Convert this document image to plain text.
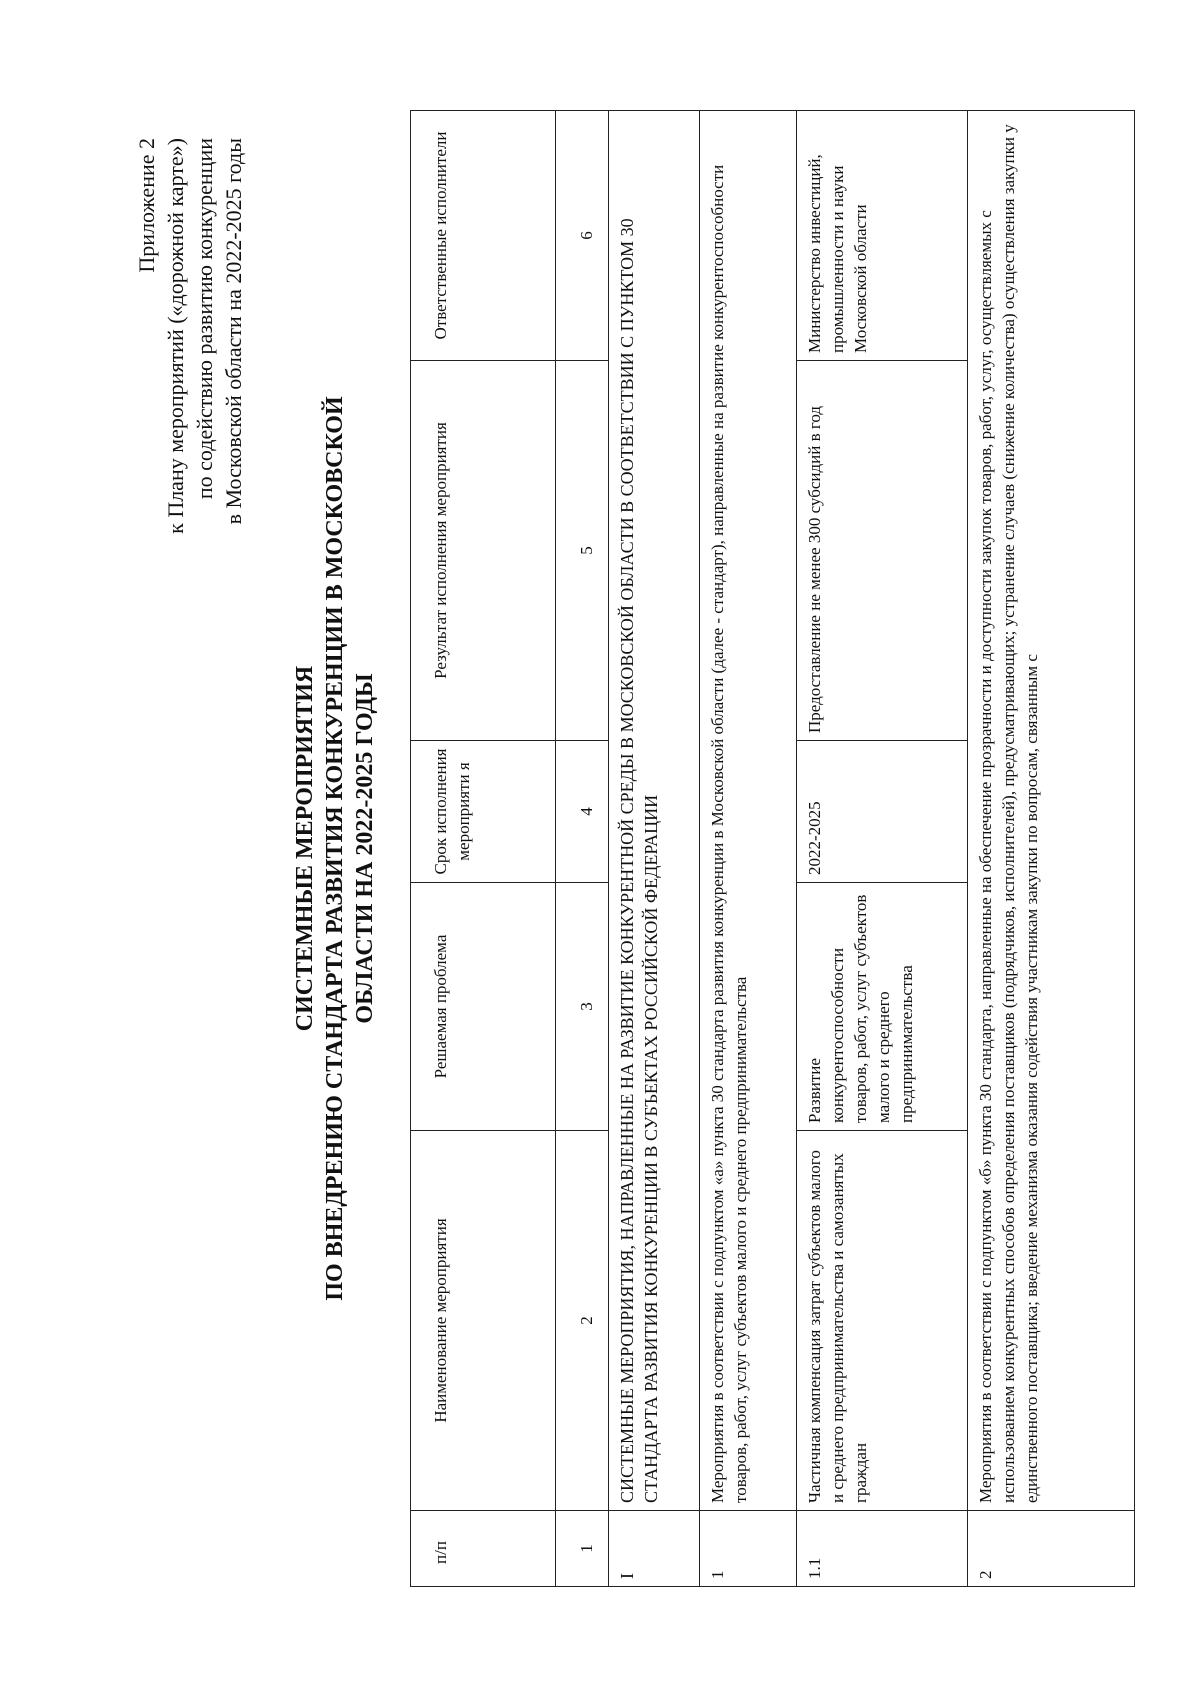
Приложение 2 к Плану мероприятий («дорожной карте») по содействию развитию конкуренции в Московской области на 2022-2025 годы
СИСТЕМНЫЕ МЕРОПРИЯТИЯ ПО ВНЕДРЕНИЮ СТАНДАРТА РАЗВИТИЯ КОНКУРЕНЦИИ В МОСКОВСКОЙ ОБЛАСТИ НА 2022-2025 ГОДЫ
п/п	Наименование мероприятия	Решаемая проблема	Срок исполнения мероприяти я	Результат исполнения мероприятия	Ответственные исполнители
1	2	3	4	5	6
I	СИСТЕМНЫЕ МЕРОПРИЯТИЯ, НАПРАВЛЕННЫЕ НА РАЗВИТИЕ КОНКУРЕНТНОЙ СРЕДЫ В МОСКОВСКОЙ ОБЛАСТИ В СООТВЕТСТВИИ С ПУНКТОМ 30 СТАНДАРТА РАЗВИТИЯ КОНКУРЕНЦИИ В СУБЪЕКТАХ РОССИЙСКОЙ ФЕДЕРАЦИИ				
1	Мероприятия в соответствии с подпунктом «а» пункта 30 стандарта развития конкуренции в Московской области (далее - стандарт), направленные на развитие конкурентоспособности товаров, работ, услуг субъектов малого и среднего предпринимательства				
1.1	Частичная компенсация затрат субъектов малого и среднего предпринимательства и самозанятых граждан	Развитие конкурентоспособности товаров, работ, услуг субъектов малого и среднего предпринимательства	2022-2025	Предоставление не менее 300 субсидий в год	Министерство инвестиций, промышленности и науки Московской области
2	Мероприятия в соответствии с подпунктом «б» пункта 30 стандарта, направленные на обеспечение прозрачности и доступности закупок товаров, работ, услуг, осуществляемых с использованием конкурентных способов определения поставщиков (подрядчиков, исполнителей), предусматривающих; устранение случаев (снижение количества) осуществления закупки у единственного поставщика; введение механизма оказания содействия участникам закупки по вопросам, связанным с				
